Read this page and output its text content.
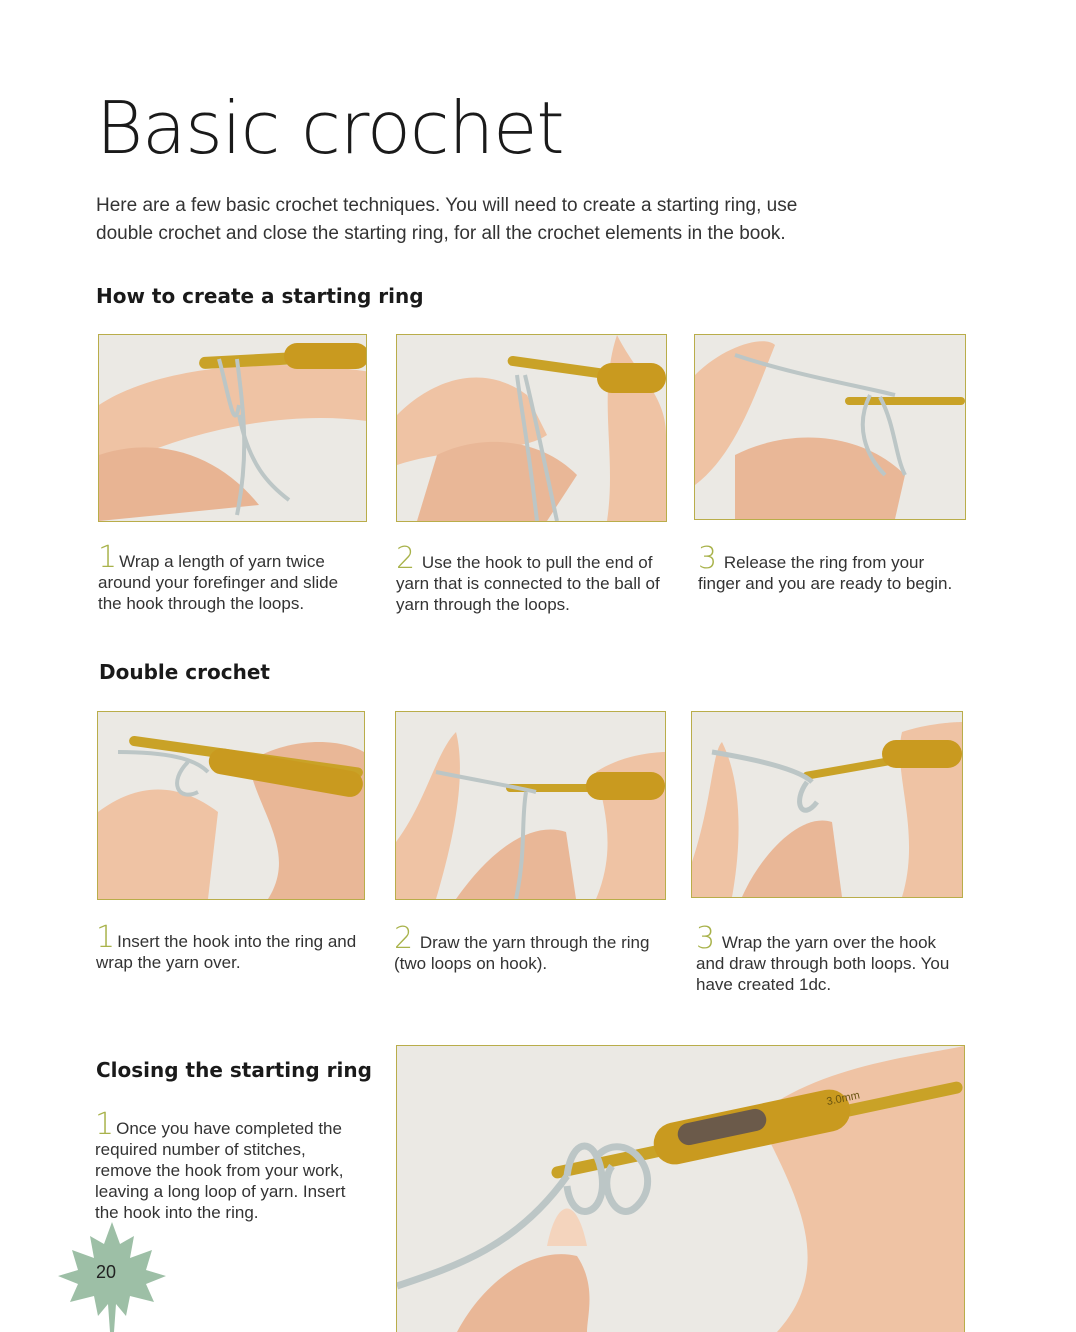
Basic crochet

Here are a few basic crochet techniques. You will need to create a starting ring, use
double crochet and close the starting ring, for all the crochet elements in the book.

How to create a starting ring

1 Wrap a length of yarn twice around your forefinger and slide the hook through the loops.

2 Use the hook to pull the end of yarn that is connected to the ball of yarn through the loops.

3 Release the ring from your finger and you are ready to begin.

Double crochet

1 Insert the hook into the ring and wrap the yarn over.

2 Draw the yarn through the ring (two loops on hook).

3 Wrap the yarn over the hook and draw through both loops. You have created 1dc.

Closing the starting ring

1 Once you have completed the required number of stitches, remove the hook from your work, leaving a long loop of yarn. Insert the hook into the ring.

3.0mm
20
